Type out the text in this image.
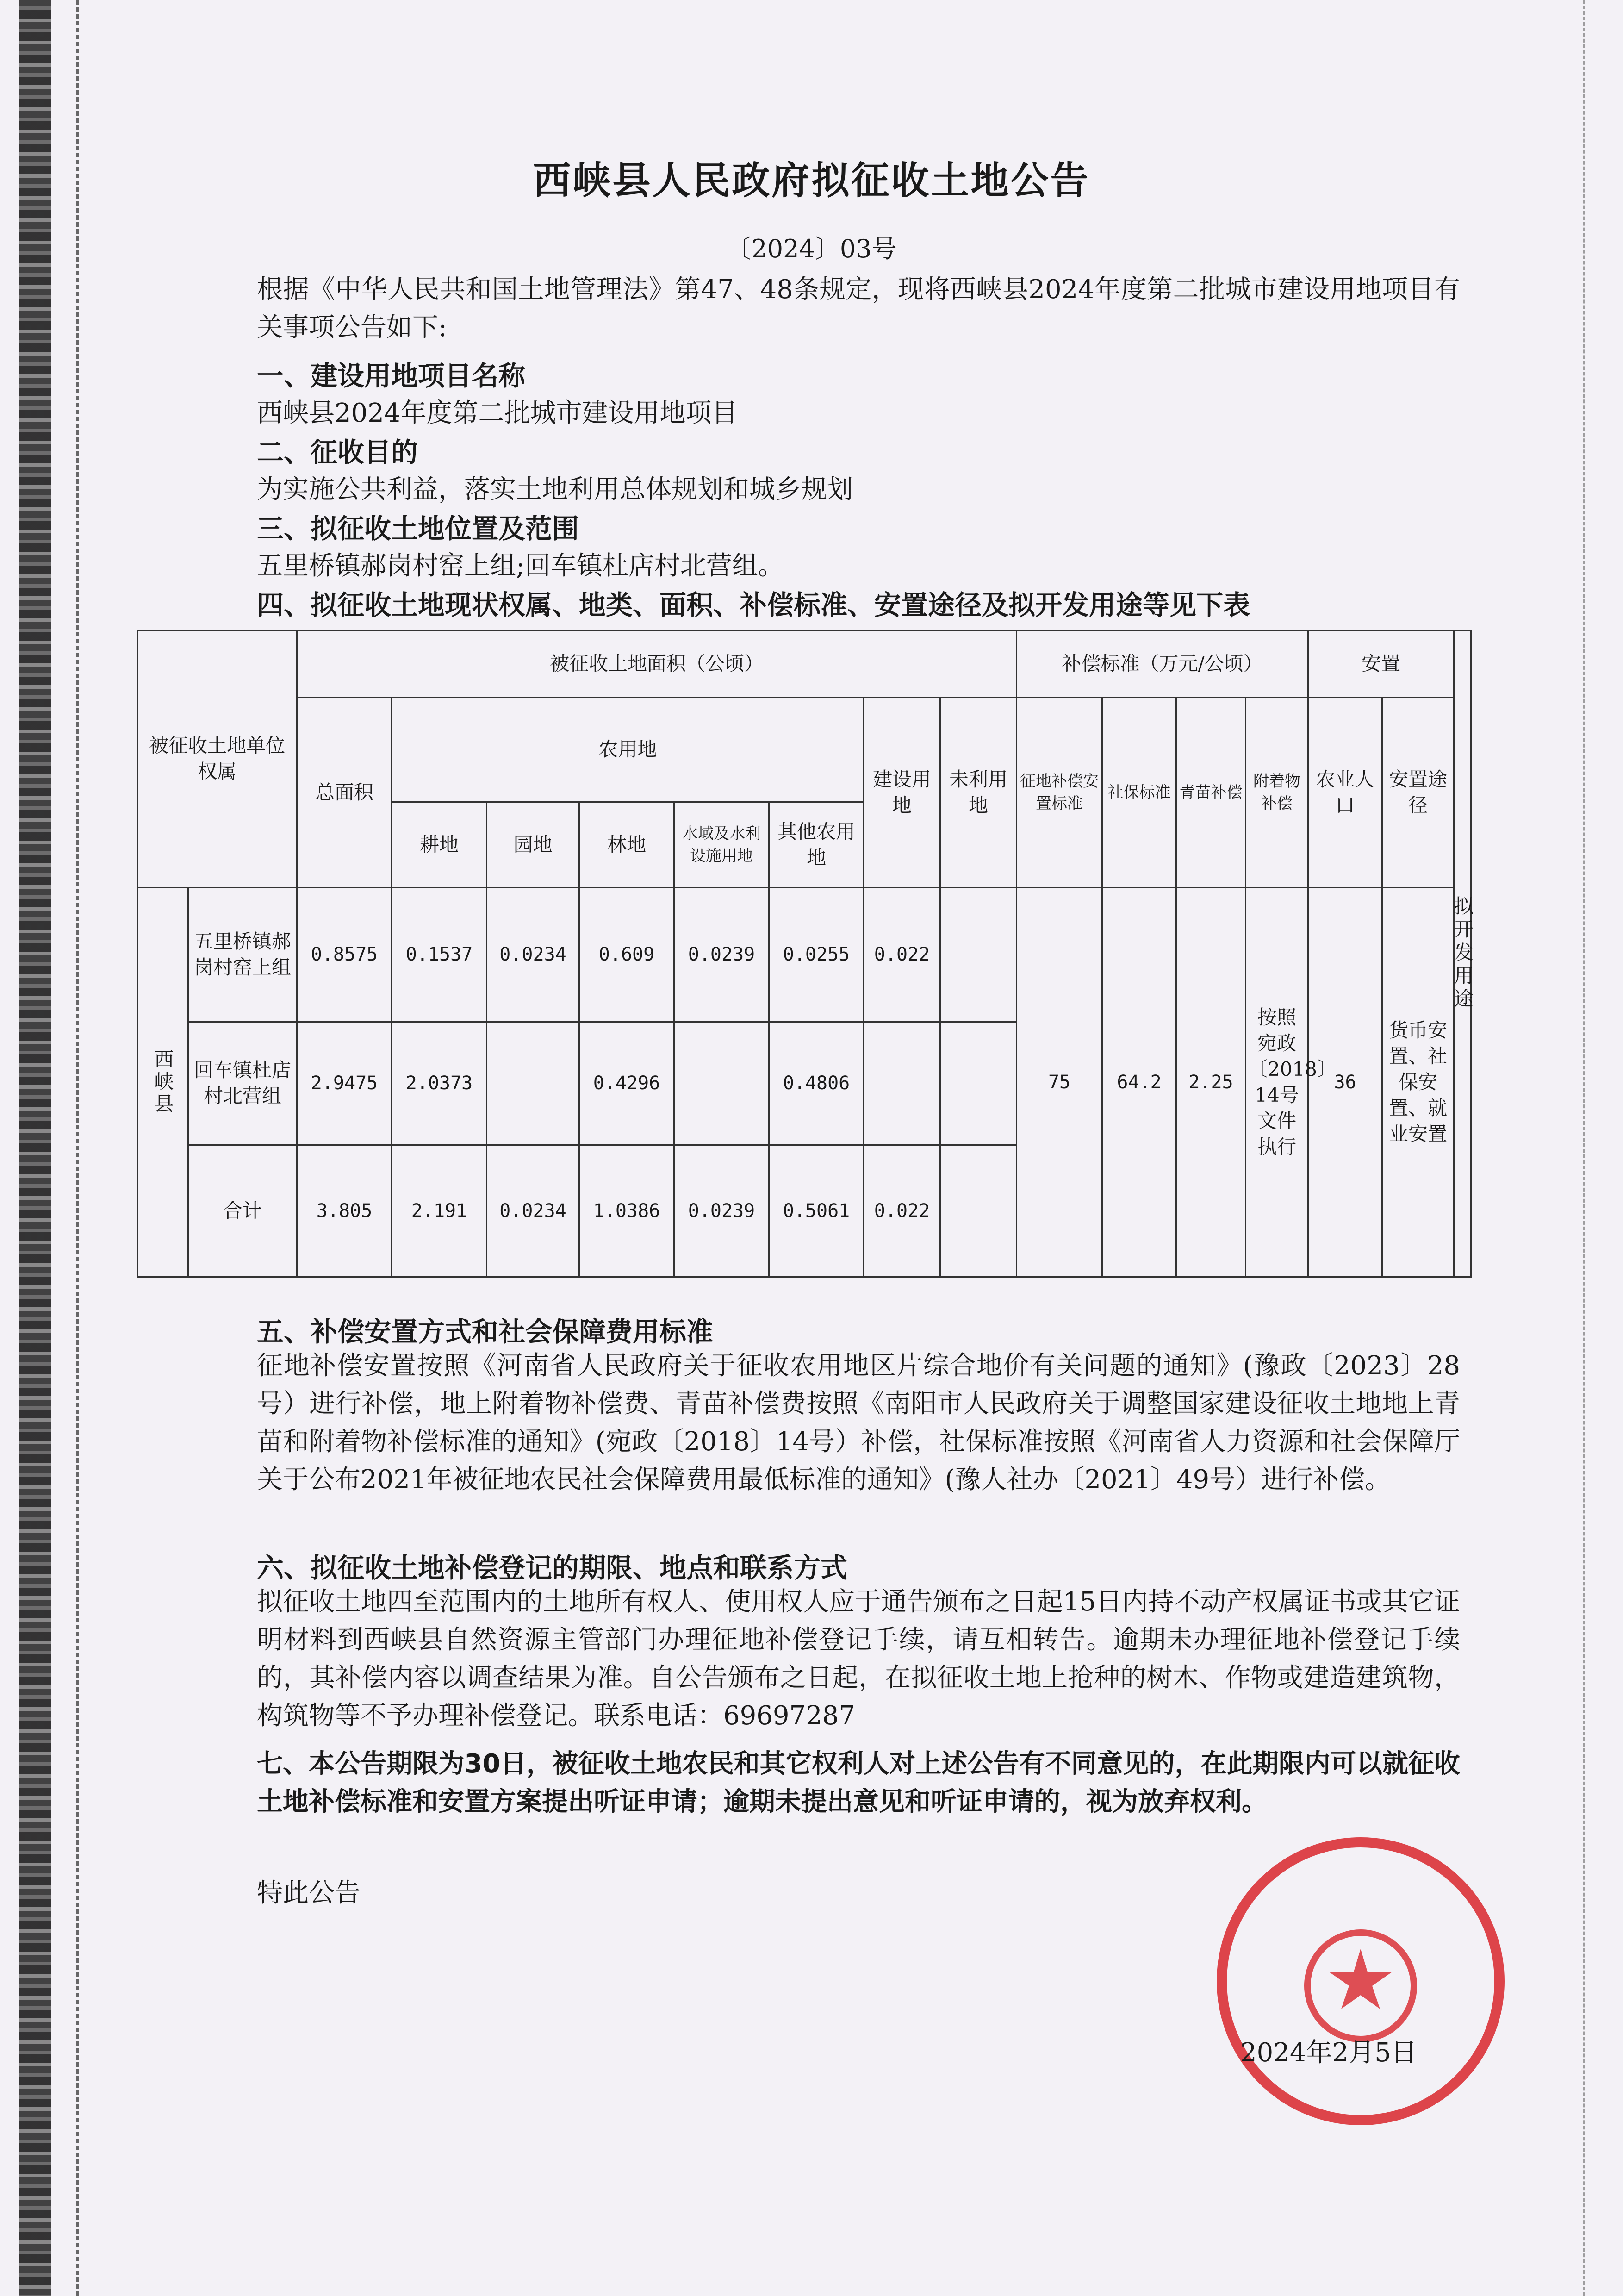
西峡县人民政府拟征收土地公告
〔2024〕03号
根据《中华人民共和国土地管理法》第47、48条规定，现将西峡县2024年度第二批城市建设用地项目有关事项公告如下:
一、建设用地项目名称
西峡县2024年度第二批城市建设用地项目
二、征收目的
为实施公共利益，落实土地利用总体规划和城乡规划
三、拟征收土地位置及范围
五里桥镇郝岗村窑上组;回车镇杜店村北营组。
四、拟征收土地现状权属、地类、面积、补偿标准、安置途径及拟开发用途等见下表
被征收土地单位权属		被征收土地面积（公顷）								补偿标准（万元/公顷）				安置		拟开发用途
		总面积	农用地					建设用地	未利用地	征地补偿安置标准	社保标准	青苗补偿	附着物补偿	农业人口	安置途径	
			耕地	园地	林地	水域及水利设施用地	其他农用地									
西峡县	五里桥镇郝岗村窑上组	0.8575	0.1537	0.0234	0.609	0.0239	0.0255	0.022		75	64.2	2.25	按照宛政〔2018〕14号文件执行	36	货币安置、社保安置、就业安置	
	回车镇杜店村北营组	2.9475	2.0373		0.4296		0.4806									
	合计	3.805	2.191	0.0234	1.0386	0.0239	0.5061	0.022								
五、补偿安置方式和社会保障费用标准
征地补偿安置按照《河南省人民政府关于征收农用地区片综合地价有关问题的通知》(豫政〔2023〕28号）进行补偿，地上附着物补偿费、青苗补偿费按照《南阳市人民政府关于调整国家建设征收土地地上青苗和附着物补偿标准的通知》(宛政〔2018〕14号）补偿，社保标准按照《河南省人力资源和社会保障厅关于公布2021年被征地农民社会保障费用最低标准的通知》(豫人社办〔2021〕49号）进行补偿。
六、拟征收土地补偿登记的期限、地点和联系方式
拟征收土地四至范围内的土地所有权人、使用权人应于通告颁布之日起15日内持不动产权属证书或其它证明材料到西峡县自然资源主管部门办理征地补偿登记手续，请互相转告。逾期未办理征地补偿登记手续的，其补偿内容以调查结果为准。自公告颁布之日起，在拟征收土地上抢种的树木、作物或建造建筑物，构筑物等不予办理补偿登记。联系电话：69697287
七、本公告期限为30日，被征收土地农民和其它权利人对上述公告有不同意见的，在此期限内可以就征收土地补偿标准和安置方案提出听证申请；逾期未提出意见和听证申请的，视为放弃权利。
特此公告
2024年2月5日
